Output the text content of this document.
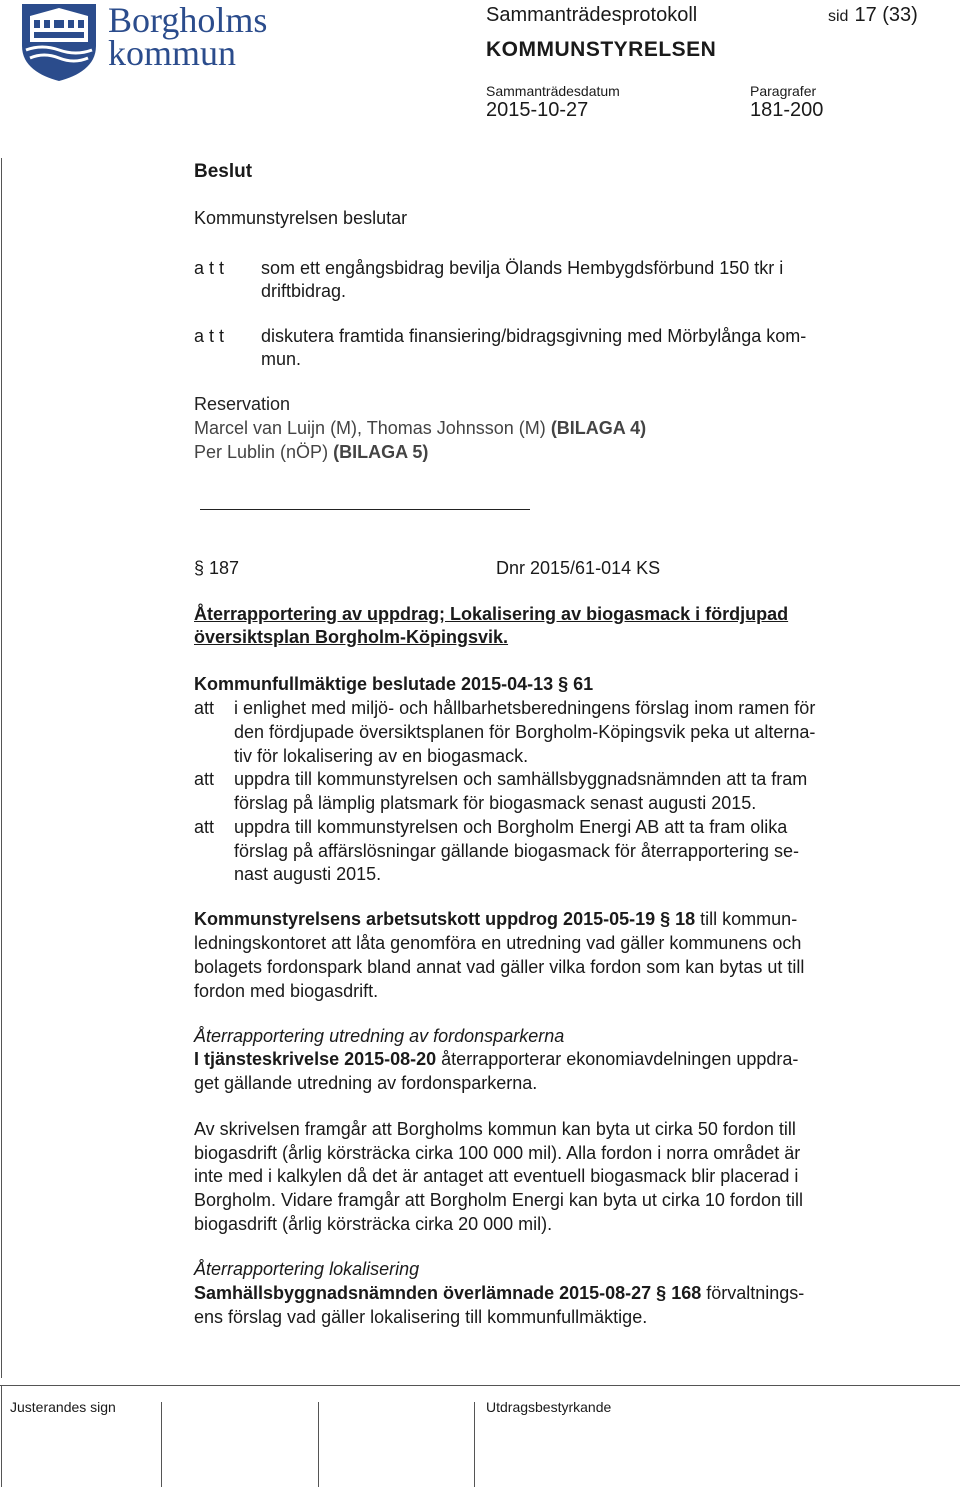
Borgholms
kommun
Sammanträdesprotokoll	sid 17 (33)
KOMMUNSTYRELSEN
Sammanträdesdatum	Paragrafer
2015-10-27	181-200
Beslut
Kommunstyrelsen beslutar
a t t som ett engångsbidrag bevilja Ölands Hembygdsförbund 150 tkr i
driftbidrag.
a t t diskutera framtida finansiering/bidragsgivning med Mörbylånga kom-
mun.
Reservation
Marcel van Luijn (M), Thomas Johnsson (M) (BILAGA 4)
Per Lublin (nÖP) (BILAGA 5)
§ 187	Dnr 2015/61-014 KS
Återrapportering av uppdrag; Lokalisering av biogasmack i fördjupad
översiktsplan Borgholm-Köpingsvik.
Kommunfullmäktige beslutade 2015-04-13 § 61
att i enlighet med miljö- och hållbarhetsberedningens förslag inom ramen för
den fördjupade översiktsplanen för Borgholm-Köpingsvik peka ut alterna-
tiv för lokalisering av en biogasmack.
att uppdra till kommunstyrelsen och samhällsbyggnadsnämnden att ta fram
förslag på lämplig platsmark för biogasmack senast augusti 2015.
att uppdra till kommunstyrelsen och Borgholm Energi AB att ta fram olika
förslag på affärslösningar gällande biogasmack för återrapportering se-
nast augusti 2015.
Kommunstyrelsens arbetsutskott uppdrog 2015-05-19 § 18 till kommun-
ledningskontoret att låta genomföra en utredning vad gäller kommunens och
bolagets fordonspark bland annat vad gäller vilka fordon som kan bytas ut till
fordon med biogasdrift.
Återrapportering utredning av fordonsparkerna
I tjänsteskrivelse 2015-08-20 återrapporterar ekonomiavdelningen uppdra-
get gällande utredning av fordonsparkerna.
Av skrivelsen framgår att Borgholms kommun kan byta ut cirka 50 fordon till
biogasdrift (årlig körsträcka cirka 100 000 mil). Alla fordon i norra området är
inte med i kalkylen då det är antaget att eventuell biogasmack blir placerad i
Borgholm. Vidare framgår att Borgholm Energi kan byta ut cirka 10 fordon till
biogasdrift (årlig körsträcka cirka 20 000 mil).
Återrapportering lokalisering
Samhällsbyggnadsnämnden överlämnade 2015-08-27 § 168 förvaltnings-
ens förslag vad gäller lokalisering till kommunfullmäktige.
Justerandes sign	Utdragsbestyrkande
